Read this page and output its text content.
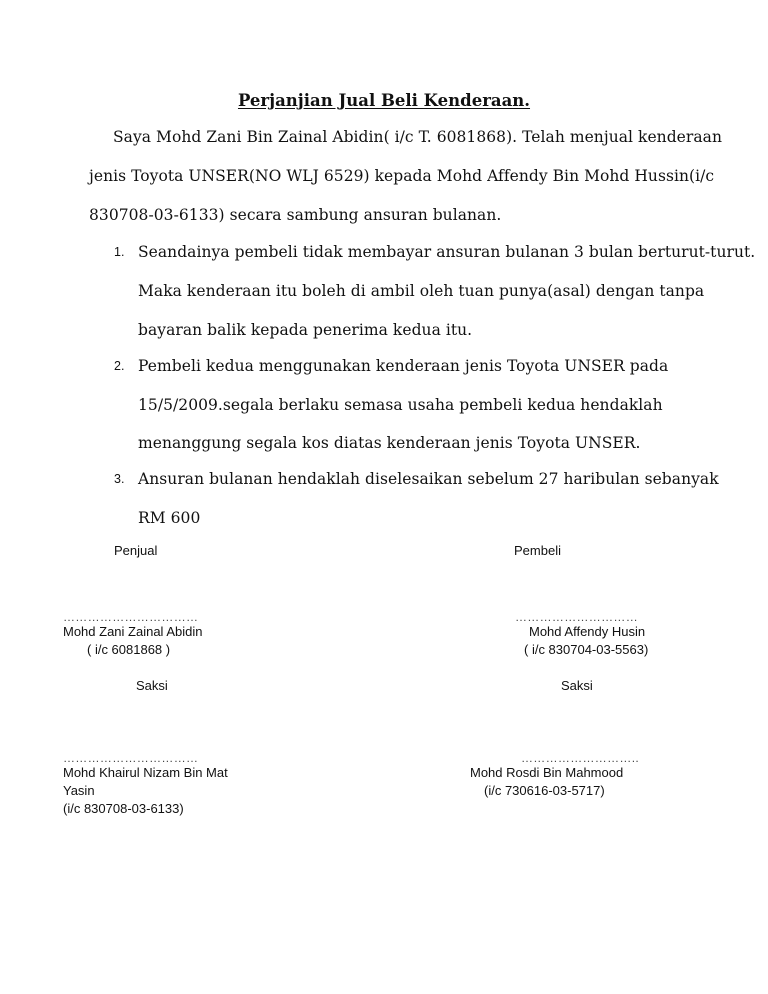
Perjanjian Jual Beli Kenderaan.
Saya Mohd Zani Bin Zainal Abidin( i/c T. 6081868). Telah menjual kenderaan
jenis Toyota UNSER(NO WLJ 6529) kepada Mohd Affendy Bin Mohd Hussin(i/c
830708-03-6133) secara sambung ansuran bulanan.
1. Seandainya pembeli tidak membayar ansuran bulanan 3 bulan berturut-turut.
Maka kenderaan itu boleh di ambil oleh tuan punya(asal) dengan tanpa
bayaran balik kepada penerima kedua itu.
2. Pembeli kedua menggunakan kenderaan jenis Toyota UNSER pada
15/5/2009.segala berlaku semasa usaha pembeli kedua hendaklah
menanggung segala kos diatas kenderaan jenis Toyota UNSER.
3. Ansuran bulanan hendaklah diselesaikan sebelum 27 haribulan sebanyak
RM 600
Penjual	Pembeli
……………………………	…………………………
Mohd Zani Zainal Abidin	Mohd Affendy Husin
( i/c 6081868 )	( i/c 830704-03-5563)
Saksi	Saksi
……………………………	………………………..
Mohd Khairul Nizam Bin Mat	Mohd Rosdi Bin Mahmood
Yasin	(i/c 730616-03-5717)
(i/c 830708-03-6133)
